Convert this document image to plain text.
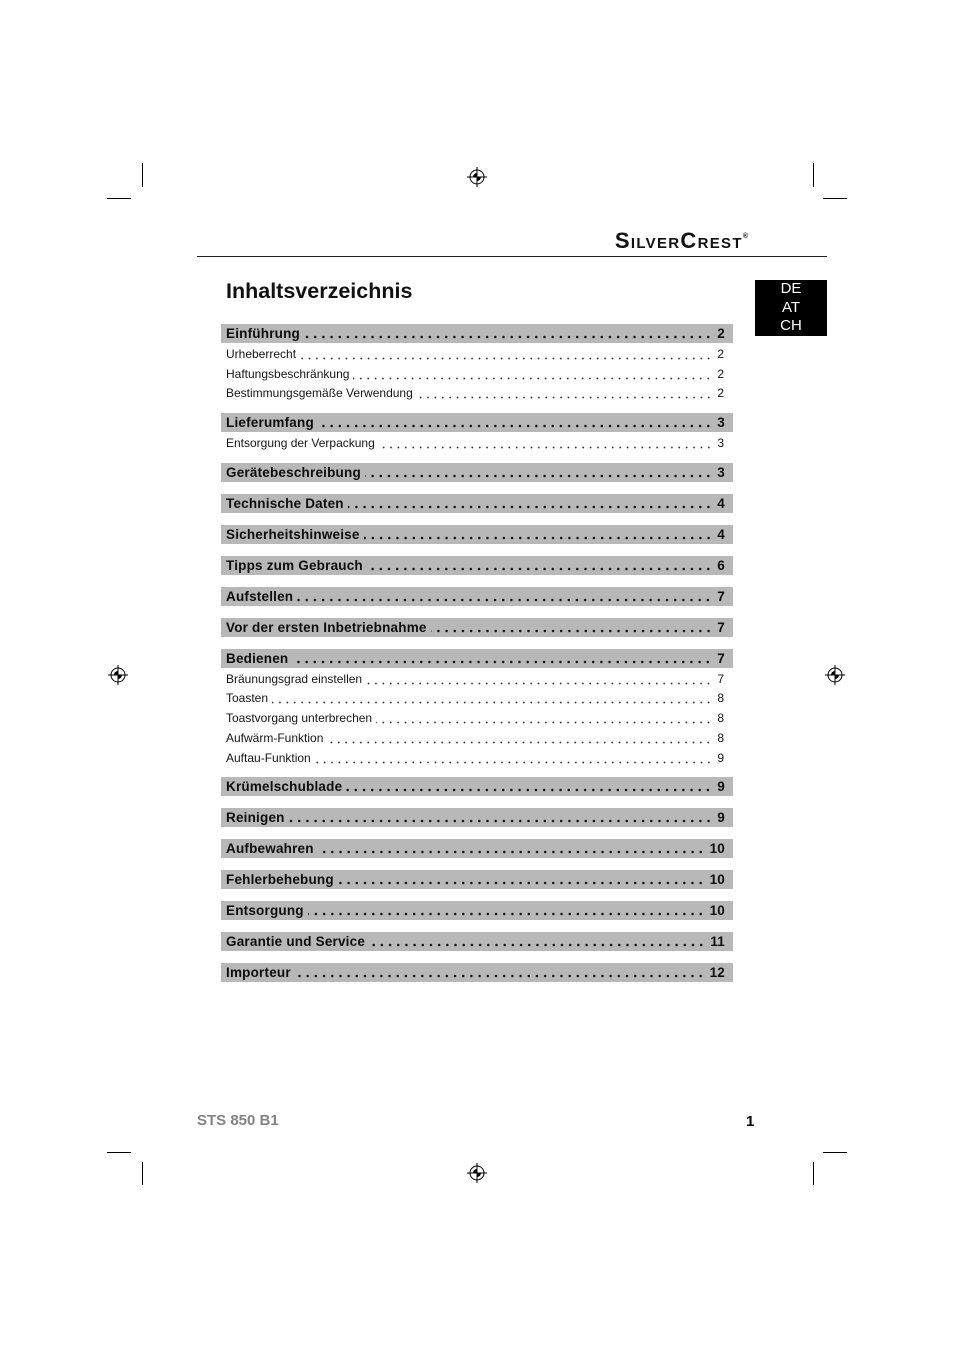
SilverCrest®
Inhaltsverzeichnis	DE
AT
CH
Einführung	2
Urheberrecht	2
Haftungsbeschränkung	2
Bestimmungsgemäße Verwendung	2
Lieferumfang	3
Entsorgung der Verpackung	3
Gerätebeschreibung	3
Technische Daten	4
Sicherheitshinweise	4
Tipps zum Gebrauch	6
Aufstellen	7
Vor der ersten Inbetriebnahme	7
Bedienen	7
Bräunungsgrad einstellen	7
Toasten	8
Toastvorgang unterbrechen	8
Aufwärm-Funktion	8
Auftau-Funktion	9
Krümelschublade	9
Reinigen	9
Aufbewahren	10
Fehlerbehebung	10
Entsorgung	10
Garantie und Service	11
Importeur	12
STS 850 B1	1
